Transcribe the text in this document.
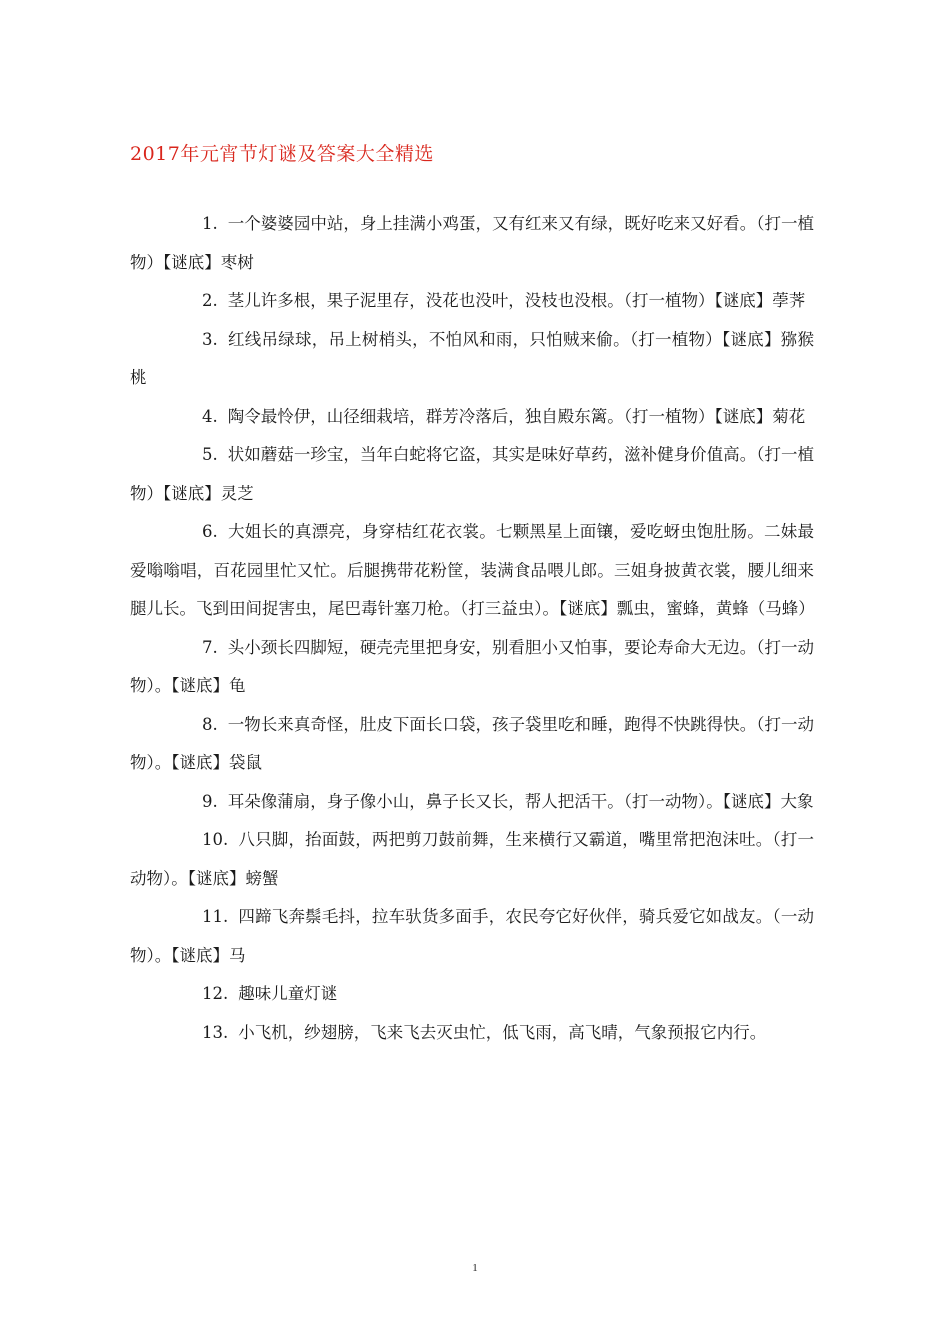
2017年元宵节灯谜及答案大全精选

1. 一个婆婆园中站，身上挂满小鸡蛋，又有红来又有绿，既好吃来又好看。（打一植物）【谜底】枣树

2. 茎儿许多根，果子泥里存，没花也没叶，没枝也没根。（打一植物）【谜底】荸荠

3. 红线吊绿球，吊上树梢头，不怕风和雨，只怕贼来偷。（打一植物）【谜底】猕猴桃

4. 陶令最怜伊，山径细栽培，群芳冷落后，独自殿东篱。（打一植物）【谜底】菊花

5. 状如蘑菇一珍宝，当年白蛇将它盗，其实是味好草药，滋补健身价值高。（打一植物）【谜底】灵芝

6. 大姐长的真漂亮，身穿桔红花衣裳。七颗黑星上面镶，爱吃蚜虫饱肚肠。二妹最爱嗡嗡唱，百花园里忙又忙。后腿携带花粉筐，装满食品喂儿郎。三姐身披黄衣裳，腰儿细来腿儿长。飞到田间捉害虫，尾巴毒针塞刀枪。（打三益虫）。【谜底】瓢虫，蜜蜂，黄蜂（马蜂）

7. 头小颈长四脚短，硬壳壳里把身安，别看胆小又怕事，要论寿命大无边。（打一动物）。【谜底】龟

8. 一物长来真奇怪，肚皮下面长口袋，孩子袋里吃和睡，跑得不快跳得快。（打一动物）。【谜底】袋鼠

9. 耳朵像蒲扇，身子像小山，鼻子长又长，帮人把活干。（打一动物）。【谜底】大象

10. 八只脚，抬面鼓，两把剪刀鼓前舞，生来横行又霸道，嘴里常把泡沫吐。（打一动物）。【谜底】螃蟹

11. 四蹄飞奔鬃毛抖，拉车驮货多面手，农民夸它好伙伴，骑兵爱它如战友。（一动物）。【谜底】马

12. 趣味儿童灯谜

13. 小飞机，纱翅膀，飞来飞去灭虫忙，低飞雨，高飞晴，气象预报它内行。

1
